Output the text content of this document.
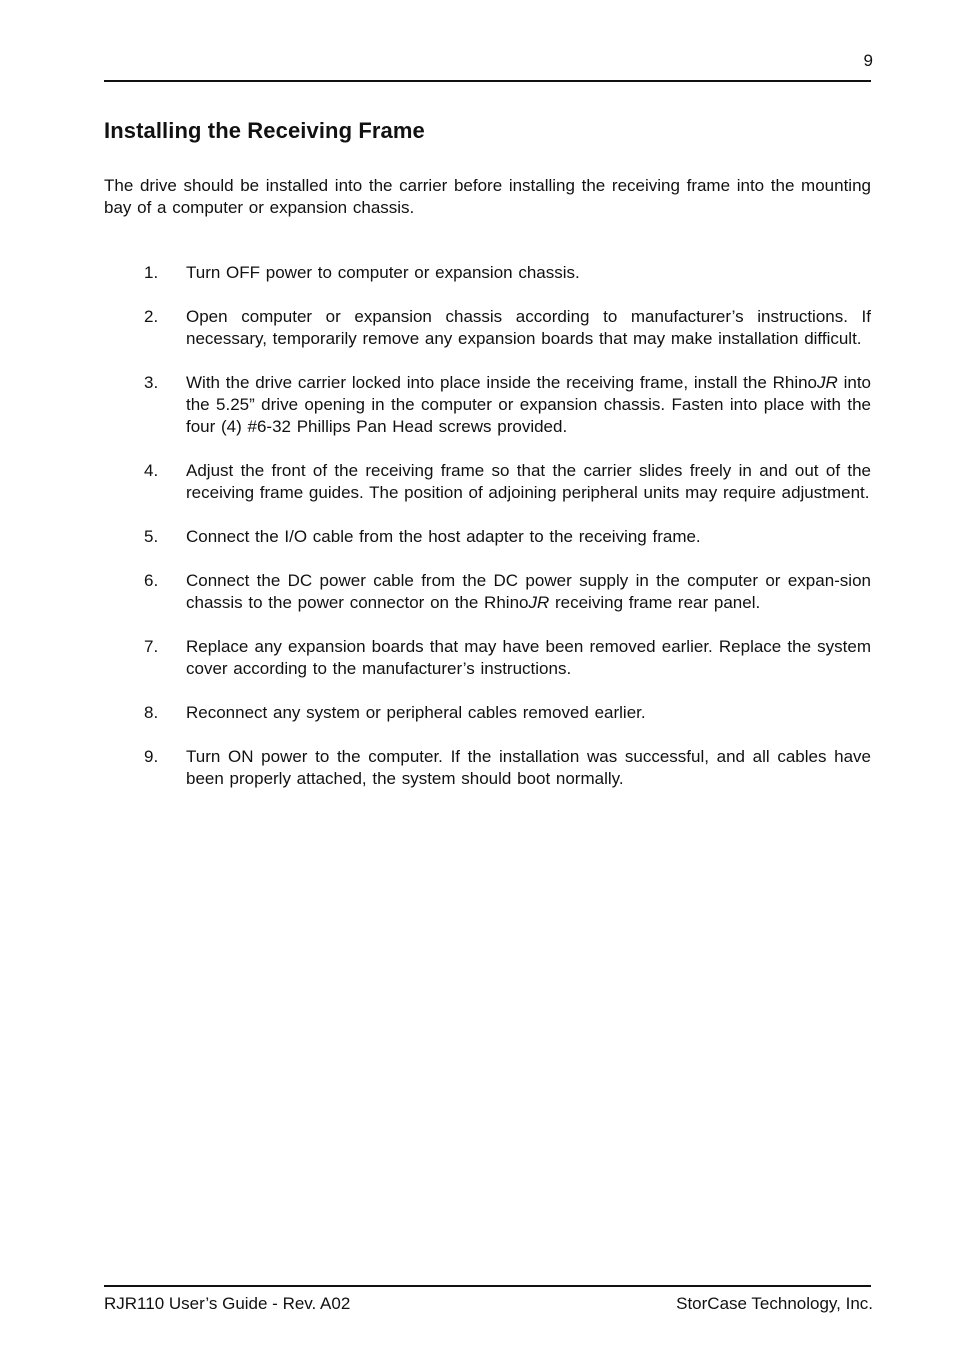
9
Installing the Receiving Frame

The drive should be installed into the carrier before installing the receiving frame into the mounting bay of a computer or expansion chassis.

1. Turn OFF power to computer or expansion chassis.
2. Open computer or expansion chassis according to manufacturer’s instructions. If necessary, temporarily remove any expansion boards that may make installation difficult.
3. With the drive carrier locked into place inside the receiving frame, install the RhinoJR into the 5.25” drive opening in the computer or expansion chassis. Fasten into place with the four (4) #6-32 Phillips Pan Head screws provided.
4. Adjust the front of the receiving frame so that the carrier slides freely in and out of the receiving frame guides. The position of adjoining peripheral units may require adjustment.
5. Connect the I/O cable from the host adapter to the receiving frame.
6. Connect the DC power cable from the DC power supply in the computer or expan-sion chassis to the power connector on the RhinoJR receiving frame rear panel.
7. Replace any expansion boards that may have been removed earlier. Replace the system cover according to the manufacturer’s instructions.
8. Reconnect any system or peripheral cables removed earlier.
9. Turn ON power to the computer. If the installation was successful, and all cables have been properly attached, the system should boot normally.
RJR110 User’s Guide - Rev. A02	StorCase Technology, Inc.
